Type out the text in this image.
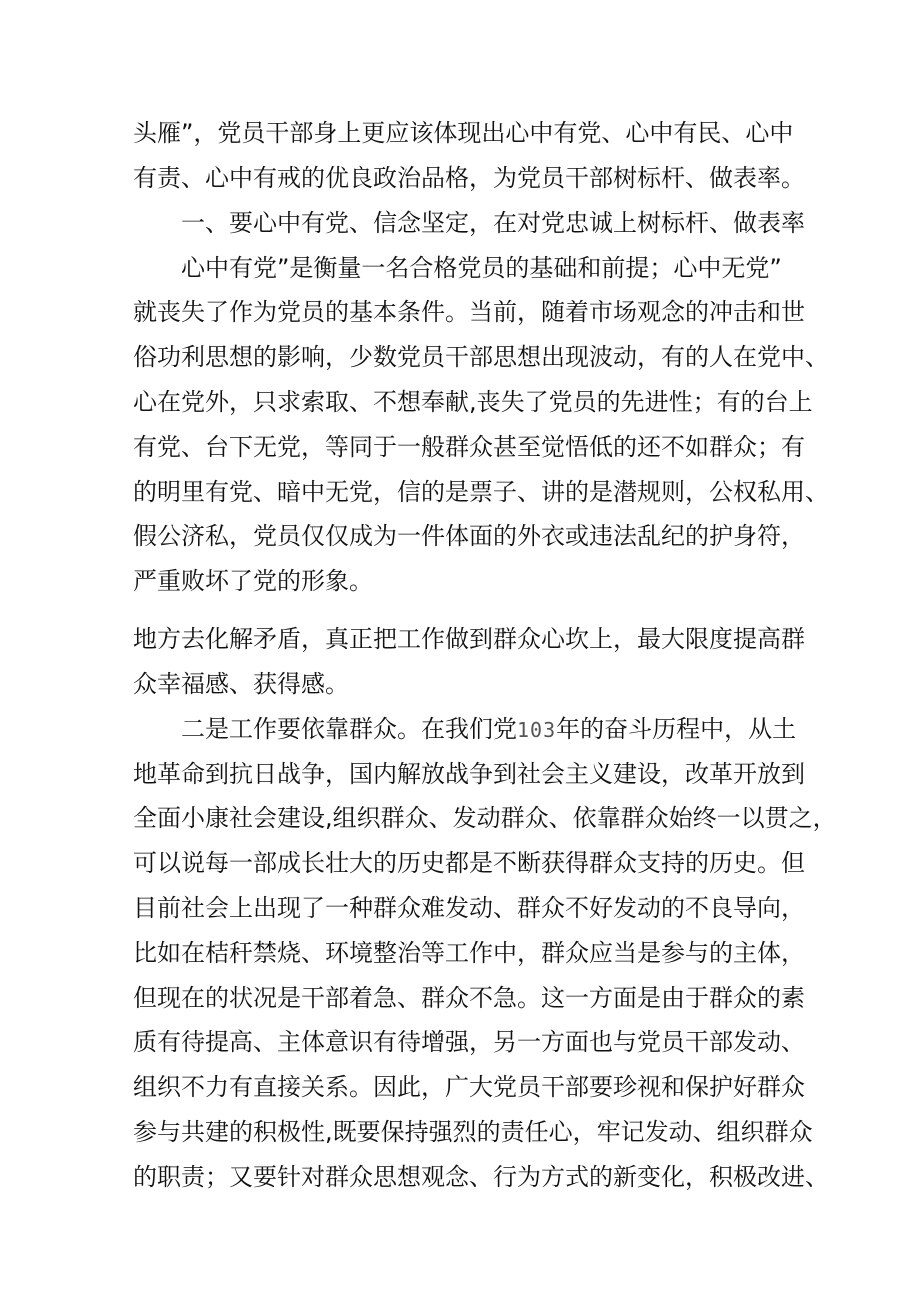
头雁”，党员干部身上更应该体现出心中有党、心中有民、心中

有责、心中有戒的优良政治品格，为党员干部树标杆、做表率。

一、要心中有党、信念坚定，在对党忠诚上树标杆、做表率

心中有党”是衡量一名合格党员的基础和前提；心中无党”

就丧失了作为党员的基本条件。当前，随着市场观念的冲击和世

俗功利思想的影响，少数党员干部思想出现波动，有的人在党中、

心在党外，只求索取、不想奉献,丧失了党员的先进性；有的台上

有党、台下无党，等同于一般群众甚至觉悟低的还不如群众；有

的明里有党、暗中无党，信的是票子、讲的是潜规则，公权私用、

假公济私，党员仅仅成为一件体面的外衣或违法乱纪的护身符，

严重败坏了党的形象。

地方去化解矛盾，真正把工作做到群众心坎上，最大限度提高群

众幸福感、获得感。

二是工作要依靠群众。在我们党103年的奋斗历程中，从土

地革命到抗日战争，国内解放战争到社会主义建设，改革开放到

全面小康社会建设,组织群众、发动群众、依靠群众始终一以贯之，

可以说每一部成长壮大的历史都是不断获得群众支持的历史。但

目前社会上出现了一种群众难发动、群众不好发动的不良导向，

比如在桔秆禁烧、环境整治等工作中，群众应当是参与的主体，

但现在的状况是干部着急、群众不急。这一方面是由于群众的素

质有待提高、主体意识有待增强，另一方面也与党员干部发动、

组织不力有直接关系。因此，广大党员干部要珍视和保护好群众

参与共建的积极性,既要保持强烈的责任心，牢记发动、组织群众

的职责；又要针对群众思想观念、行为方式的新变化，积极改进、
